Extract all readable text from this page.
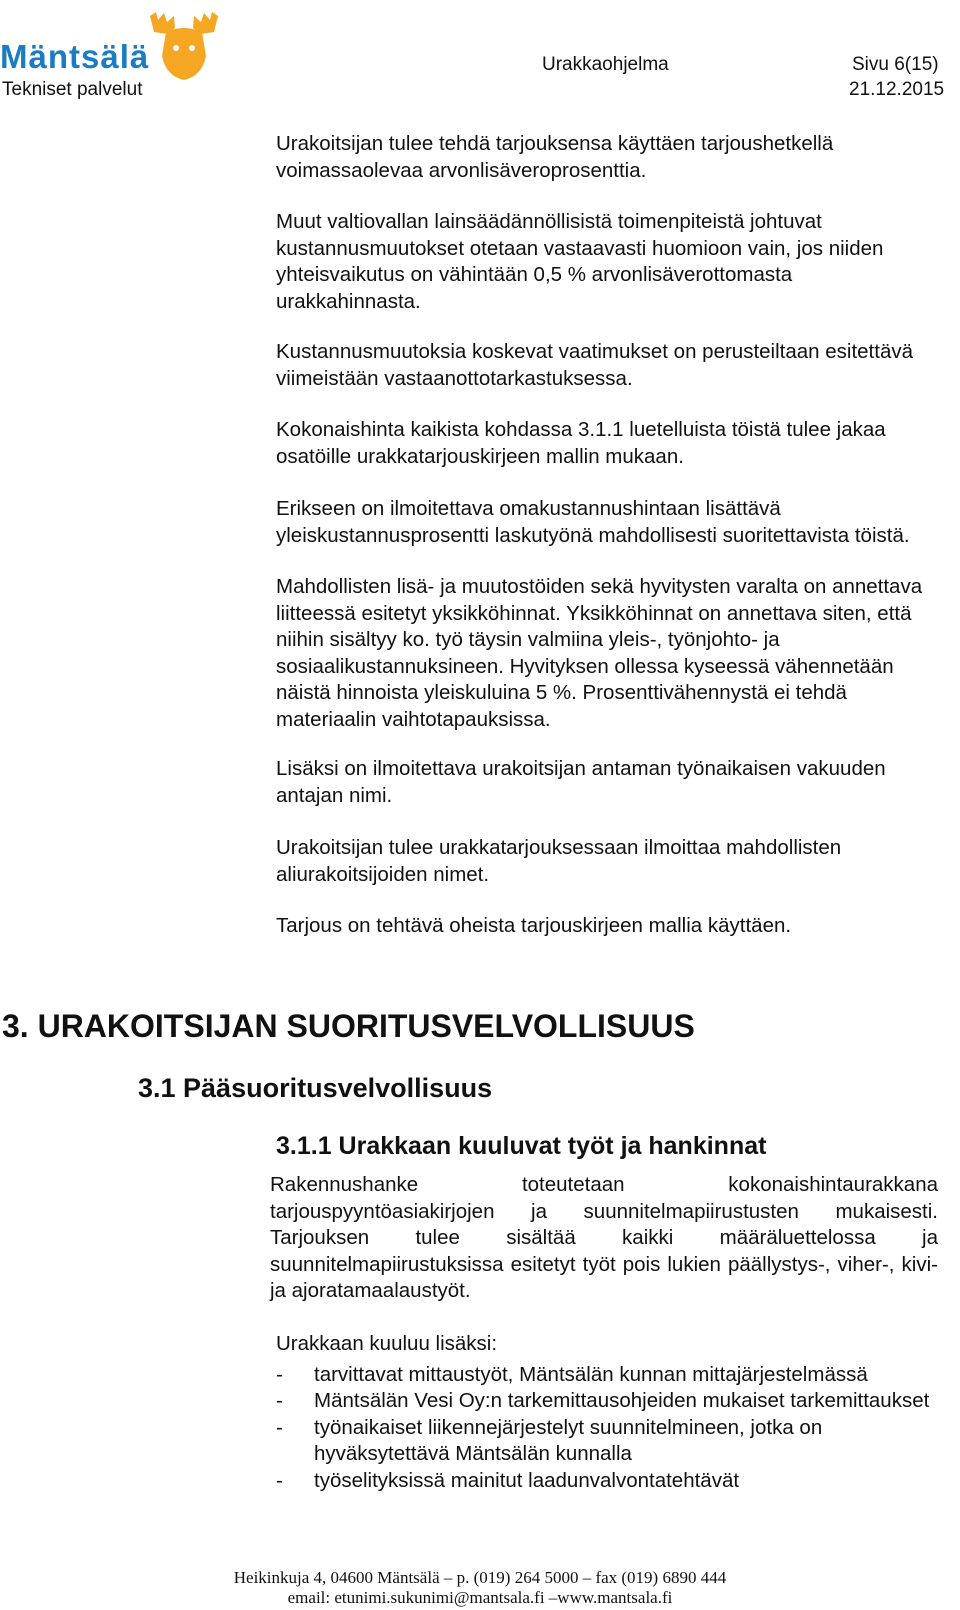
Mäntsälä
Tekniset palvelut
Urakkaohjelma	Sivu 6(15)
21.12.2015

Urakoitsijan tulee tehdä tarjouksensa käyttäen tarjoushetkellä voimassaolevaa arvonlisäveroprosenttia.

Muut valtiovallan lainsäädännöllisistä toimenpiteistä johtuvat kustannusmuutokset otetaan vastaavasti huomioon vain, jos niiden yhteisvaikutus on vähintään 0,5 % arvonlisäverottomasta urakkahinnasta.

Kustannusmuutoksia koskevat vaatimukset on perusteiltaan esitettävä viimeistään vastaanottotarkastuksessa.

Kokonaishinta kaikista kohdassa 3.1.1 luetelluista töistä tulee jakaa osatöille urakkatarjouskirjeen mallin mukaan.

Erikseen on ilmoitettava omakustannushintaan lisättävä yleiskustannusprosentti laskutyönä mahdollisesti suoritettavista töistä.

Mahdollisten lisä- ja muutostöiden sekä hyvitysten varalta on annettava liitteessä esitetyt yksikköhinnat. Yksikköhinnat on annettava siten, että niihin sisältyy ko. työ täysin valmiina yleis-, työnjohto- ja sosiaalikustannuksineen. Hyvityksen ollessa kyseessä vähennetään näistä hinnoista yleiskuluina 5 %. Prosenttivähennystä ei tehdä materiaalin vaihtotapauksissa.

Lisäksi on ilmoitettava urakoitsijan antaman työnaikaisen vakuuden antajan nimi.

Urakoitsijan tulee urakkatarjouksessaan ilmoittaa mahdollisten aliurakoitsijoiden nimet.

Tarjous on tehtävä oheista tarjouskirjeen mallia käyttäen.

3. URAKOITSIJAN SUORITUSVELVOLLISUUS
3.1 Pääsuoritusvelvollisuus
3.1.1 Urakkaan kuuluvat työt ja hankinnat

Rakennushanke toteutetaan kokonaishintaurakkana tarjouspyyntöasiakirjojen ja suunnitelmapiirustusten mukaisesti. Tarjouksen tulee sisältää kaikki määräluettelossa ja suunnitelmapiirustuksissa esitetyt työt pois lukien päällystys-, viher-, kivi- ja ajoratamaalaustyöt.

Urakkaan kuuluu lisäksi:

- tarvittavat mittaustyöt, Mäntsälän kunnan mittajärjestelmässä
- Mäntsälän Vesi Oy:n tarkemittausohjeiden mukaiset tarkemittaukset
- työnaikaiset liikennejärjestelyt suunnitelmineen, jotka on hyväksytettävä Mäntsälän kunnalla
- työselityksissä mainitut laadunvalvontatehtävät
Heikinkuja 4, 04600 Mäntsälä – p. (019) 264 5000 – fax (019) 6890 444
email: etunimi.sukunimi@mantsala.fi –www.mantsala.fi
